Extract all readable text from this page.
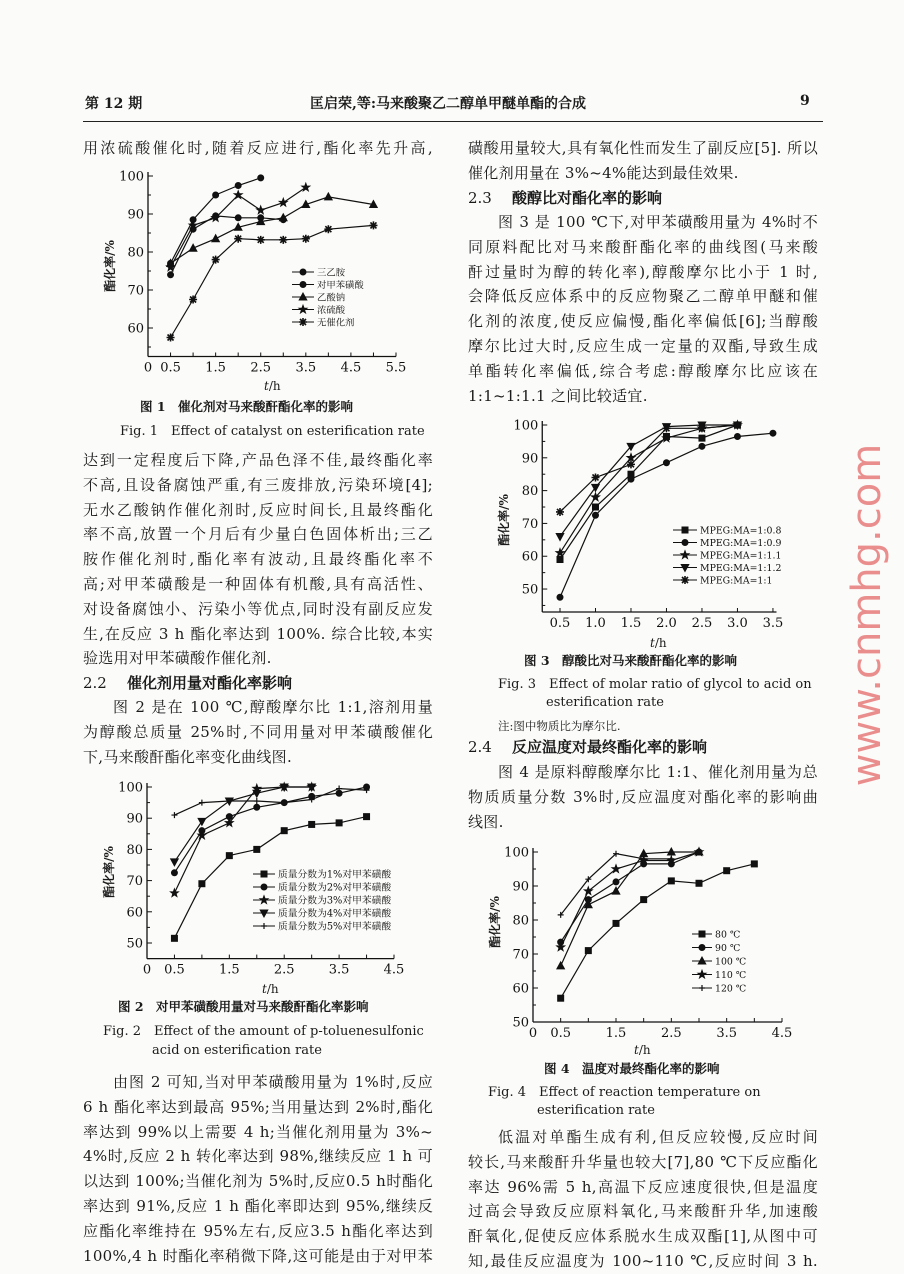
第 12 期	匡启荣,等:马来酸聚乙二醇单甲醚单酯的合成	9
用浓硫酸催化时,随着反应进行,酯化率先升高,
达到一定程度后下降,产品色泽不佳,最终酯化率
不高,且设备腐蚀严重,有三废排放,污染环境[4];
无水乙酸钠作催化剂时,反应时间长,且最终酯化
率不高,放置一个月后有少量白色固体析出;三乙
胺作催化剂时,酯化率有波动,且最终酯化率不
高;对甲苯磺酸是一种固体有机酸,具有高活性、
对设备腐蚀小、污染小等优点,同时没有副反应发
生,在反应 3 h 酯化率达到 100%. 综合比较,本实
验选用对甲苯磺酸作催化剂.
2.2 催化剂用量对酯化率影响
图 2 是在 100 ℃,醇酸摩尔比 1:1,溶剂用量
为醇酸总质量 25%时,不同用量对甲苯磺酸催化
下,马来酸酐酯化率变化曲线图.
由图 2 可知,当对甲苯磺酸用量为 1%时,反应
6 h 酯化率达到最高 95%;当用量达到 2%时,酯化
率达到 99%以上需要 4 h;当催化剂用量为 3%~
4%时,反应 2 h 转化率达到 98%,继续反应 1 h 可
以达到 100%;当催化剂为 5%时,反应0.5 h时酯化
率达到 91%,反应 1 h 酯化率即达到 95%,继续反
应酯化率维持在 95%左右,反应3.5 h酯化率达到
100%,4 h 时酯化率稍微下降,这可能是由于对甲苯
磺酸用量较大,具有氧化性而发生了副反应[5]. 所以
催化剂用量在 3%~4%能达到最佳效果.
2.3 酸醇比对酯化率的影响
图 3 是 100 ℃下,对甲苯磺酸用量为 4%时不
同原料配比对马来酸酐酯化率的曲线图(马来酸
酐过量时为醇的转化率),醇酸摩尔比小于 1 时,
会降低反应体系中的反应物聚乙二醇单甲醚和催
化剂的浓度,使反应偏慢,酯化率偏低[6];当醇酸
摩尔比过大时,反应生成一定量的双酯,导致生成
单酯转化率偏低,综合考虑:醇酸摩尔比应该在
1:1~1:1.1 之间比较适宜.
2.4 反应温度对最终酯化率的影响
图 4 是原料醇酸摩尔比 1:1、催化剂用量为总
物质质量分数 3%时,反应温度对酯化率的影响曲
线图.
低温对单酯生成有利,但反应较慢,反应时间
较长,马来酸酐升华量也较大[7],80 ℃下反应酯化
率达 96%需 5 h,高温下反应速度很快,但是温度
过高会导致反应原料氧化,马来酸酐升华,加速酸
酐氧化,促使反应体系脱水生成双酯[1],从图中可
知,最佳反应温度为 100~110 ℃,反应时间 3 h.
图 1　催化剂对马来酸酐酯化率的影响
Fig. 1　Effect of catalyst on esterification rate
图 2　对甲苯磺酸用量对马来酸酐酯化率影响
Fig. 2　Effect of the amount of p-toluenesulfonic
acid on esterification rate
图 3　醇酸比对马来酸酐酯化率的影响
Fig. 3　Effect of molar ratio of glycol to acid on
esterification rate
注:图中物质比为摩尔比.
图 4　温度对最终酯化率的影响
Fig. 4　Effect of reaction temperature on
esterification rate
酯化率/%
t/h
酯化率/%
t/h
酯化率/%
t/h
酯化率/%
t/h
0 0.5 1.5 2.5 3.5 4.5 5.5
60
70
80
90
100
三乙胺
对甲苯磺酸
乙酸钠
浓硫酸
无催化剂
0 0.5	1.5	2.5	3.5	4.5
50
60
70
80
90
100
质量分数为1%对甲苯磺酸
质量分数为2%对甲苯磺酸
质量分数为3%对甲苯磺酸
质量分数为4%对甲苯磺酸
质量分数为5%对甲苯磺酸
0.5 1.0 1.5 2.0 2.5 3.0 3.5
50
60
70
80
90
100
MPEG:MA=1:0.8
MPEG:MA=1:0.9
MPEG:MA=1:1.1
MPEG:MA=1:1.2
MPEG:MA=1:1
0 0.5	1.5	2.5	3.5	4.5
50
60
70
80
90
100
80 ℃
90 ℃
100 ℃
110 ℃
120 ℃
www.cnmhg.com
